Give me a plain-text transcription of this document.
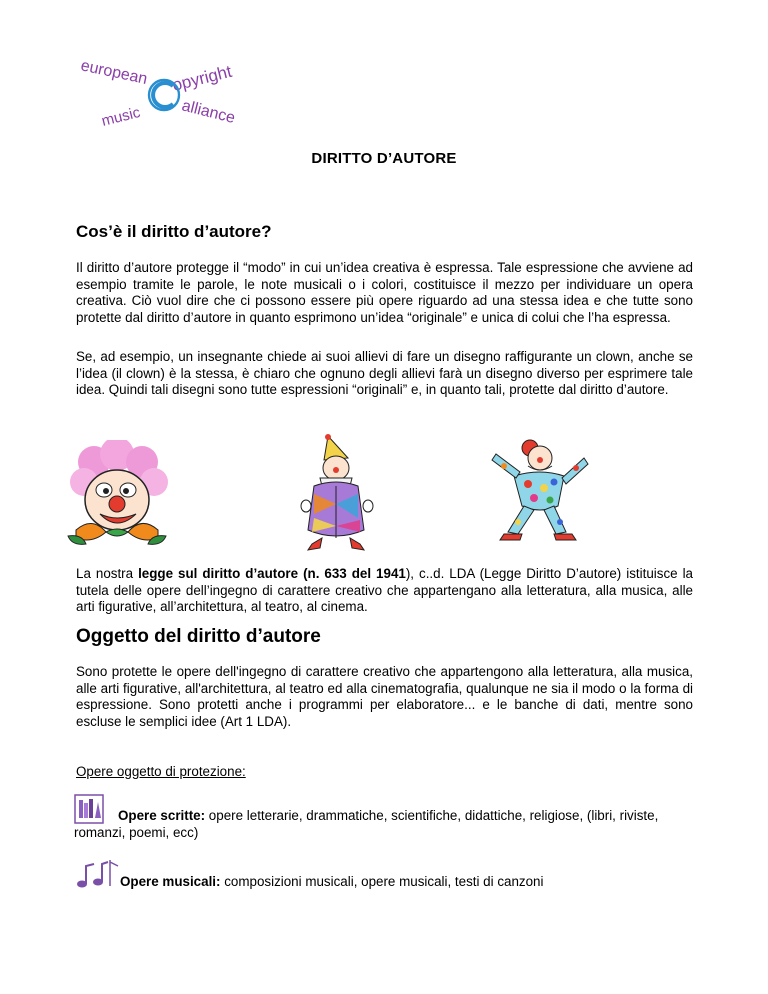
european
music
opyright
alliance
DIRITTO D’AUTORE
Cos’è il diritto d’autore?

Il diritto d’autore protegge il “modo” in cui un’idea creativa è espressa. Tale espressione che avviene ad esempio tramite le parole, le note musicali o i colori, costituisce il mezzo per individuare un opera creativa. Ciò vuol dire che ci possono essere più opere riguardo ad una stessa idea e che tutte sono protette dal diritto d’autore in quanto esprimono un’idea “originale” e unica di colui che l’ha espressa.

Se, ad esempio, un insegnante chiede ai suoi allievi di fare un disegno raffigurante un clown, anche se l’idea (il clown) è la stessa, è chiaro che ognuno degli allievi farà un disegno diverso per esprimere tale idea. Quindi tali disegni sono tutte espressioni “originali” e, in quanto tali, protette dal diritto d’autore.

La nostra legge sul diritto d’autore (n. 633 del 1941), c..d. LDA (Legge Diritto D’autore) istituisce la tutela delle opere dell’ingegno di carattere creativo che appartengano alla letteratura, alla musica, alle arti figurative, all’architettura, al teatro, al cinema.

Oggetto del diritto d’autore

Sono protette le opere dell'ingegno di carattere creativo che appartengono alla letteratura, alla musica, alle arti figurative, all'architettura, al teatro ed alla cinematografia, qualunque ne sia il modo o la forma di espressione. Sono protetti anche i programmi per elaboratore... e le banche di dati, mentre sono escluse le semplici idee (Art 1 LDA).

Opere oggetto di protezione:
Opere scritte: opere letterarie, drammatiche, scientifiche, didattiche, religiose, (libri, riviste, romanzi, poemi, ecc)
Opere musicali: composizioni musicali, opere musicali, testi di canzoni
